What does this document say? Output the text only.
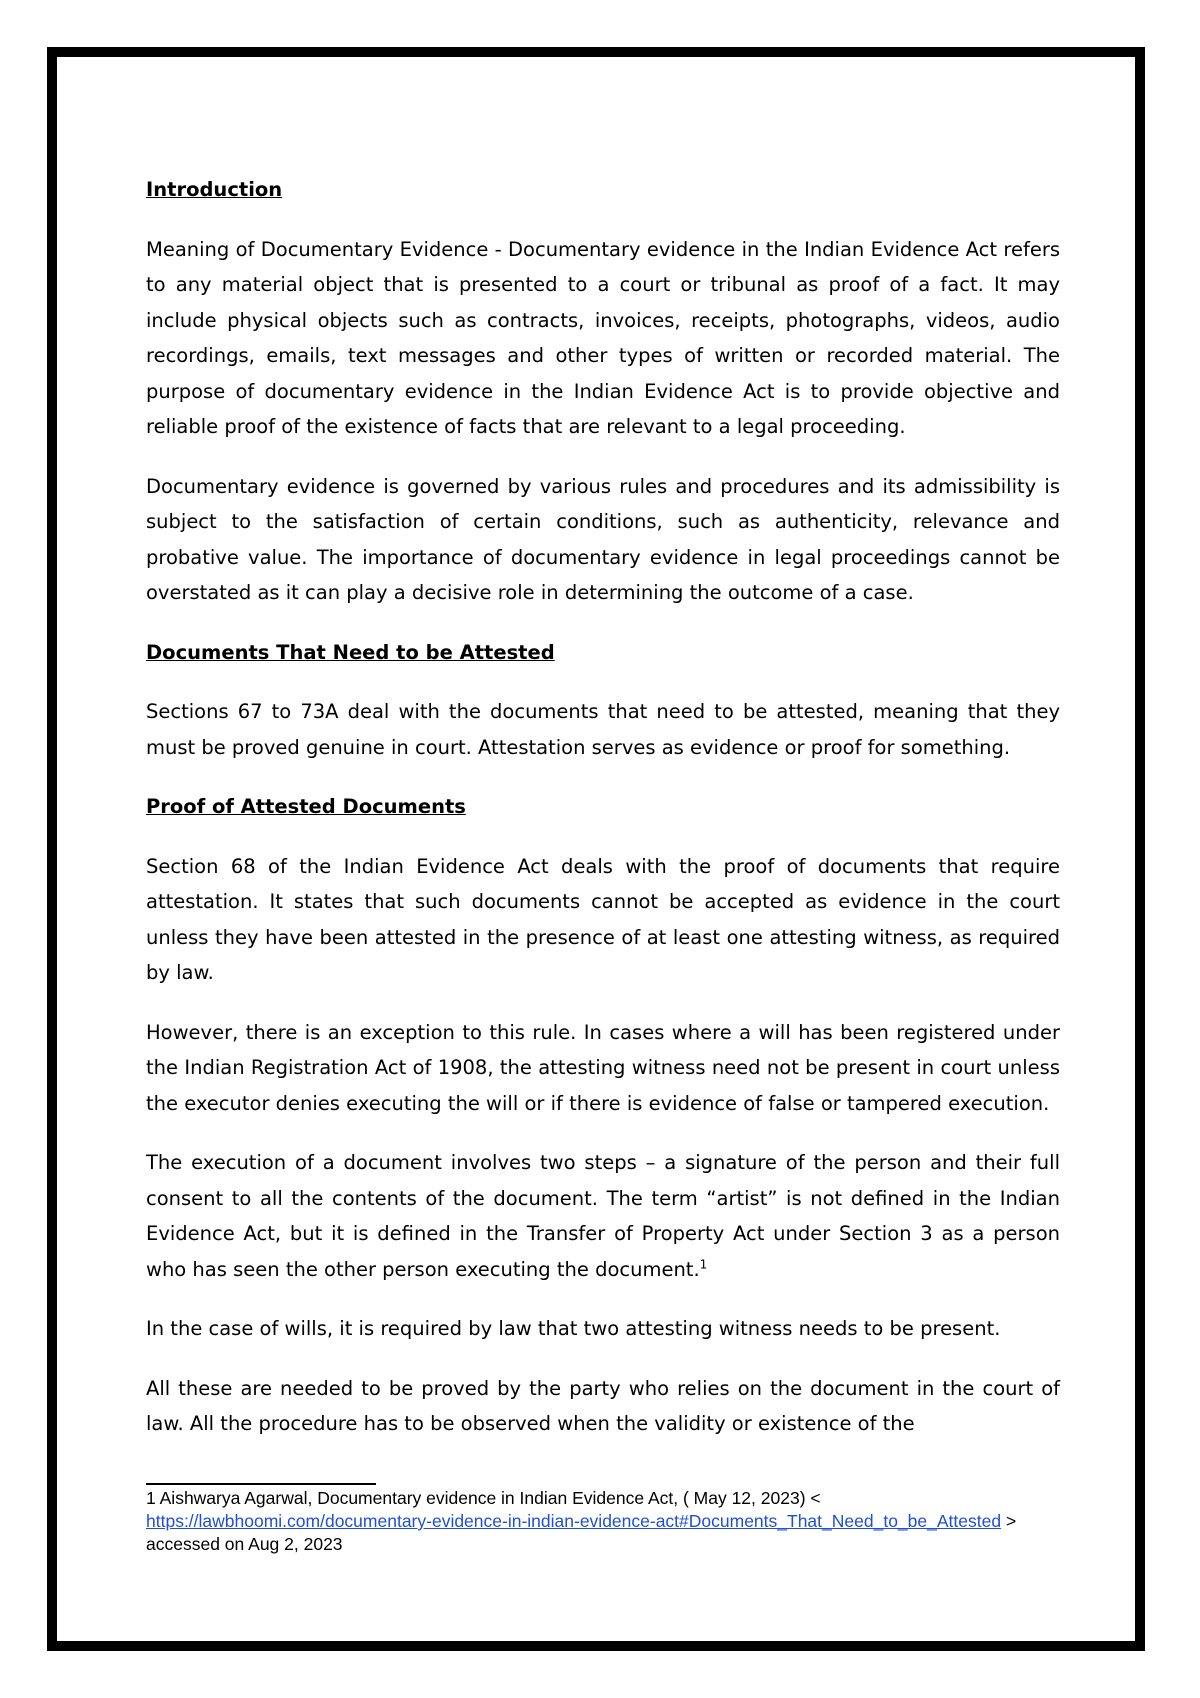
Introduction

Meaning of Documentary Evidence - Documentary evidence in the Indian Evidence Act refers to any material object that is presented to a court or tribunal as proof of a fact. It may include physical objects such as contracts, invoices, receipts, photographs, videos, audio recordings, emails, text messages and other types of written or recorded material. The purpose of documentary evidence in the Indian Evidence Act is to provide objective and reliable proof of the existence of facts that are relevant to a legal proceeding.

Documentary evidence is governed by various rules and procedures and its admissibility is subject to the satisfaction of certain conditions, such as authenticity, relevance and probative value. The importance of documentary evidence in legal proceedings cannot be overstated as it can play a decisive role in determining the outcome of a case.

Documents That Need to be Attested

Sections 67 to 73A deal with the documents that need to be attested, meaning that they must be proved genuine in court. Attestation serves as evidence or proof for something.

Proof of Attested Documents

Section 68 of the Indian Evidence Act deals with the proof of documents that require attestation. It states that such documents cannot be accepted as evidence in the court unless they have been attested in the presence of at least one attesting witness, as required by law.

However, there is an exception to this rule. In cases where a will has been registered under the Indian Registration Act of 1908, the attesting witness need not be present in court unless the executor denies executing the will or if there is evidence of false or tampered execution.

The execution of a document involves two steps – a signature of the person and their full consent to all the contents of the document. The term “artist” is not defined in the Indian Evidence Act, but it is defined in the Transfer of Property Act under Section 3 as a person who has seen the other person executing the document.$^1$

In the case of wills, it is required by law that two attesting witness needs to be present.

All these are needed to be proved by the party who relies on the document in the court of law. All the procedure has to be observed when the validity or existence of the

1 Aishwarya Agarwal, Documentary evidence in Indian Evidence Act, ( May 12, 2023) < https://lawbhoomi.com/documentary-evidence-in-indian-evidence-act#Documents_That_Need_to_be_Attested > accessed on Aug 2, 2023
